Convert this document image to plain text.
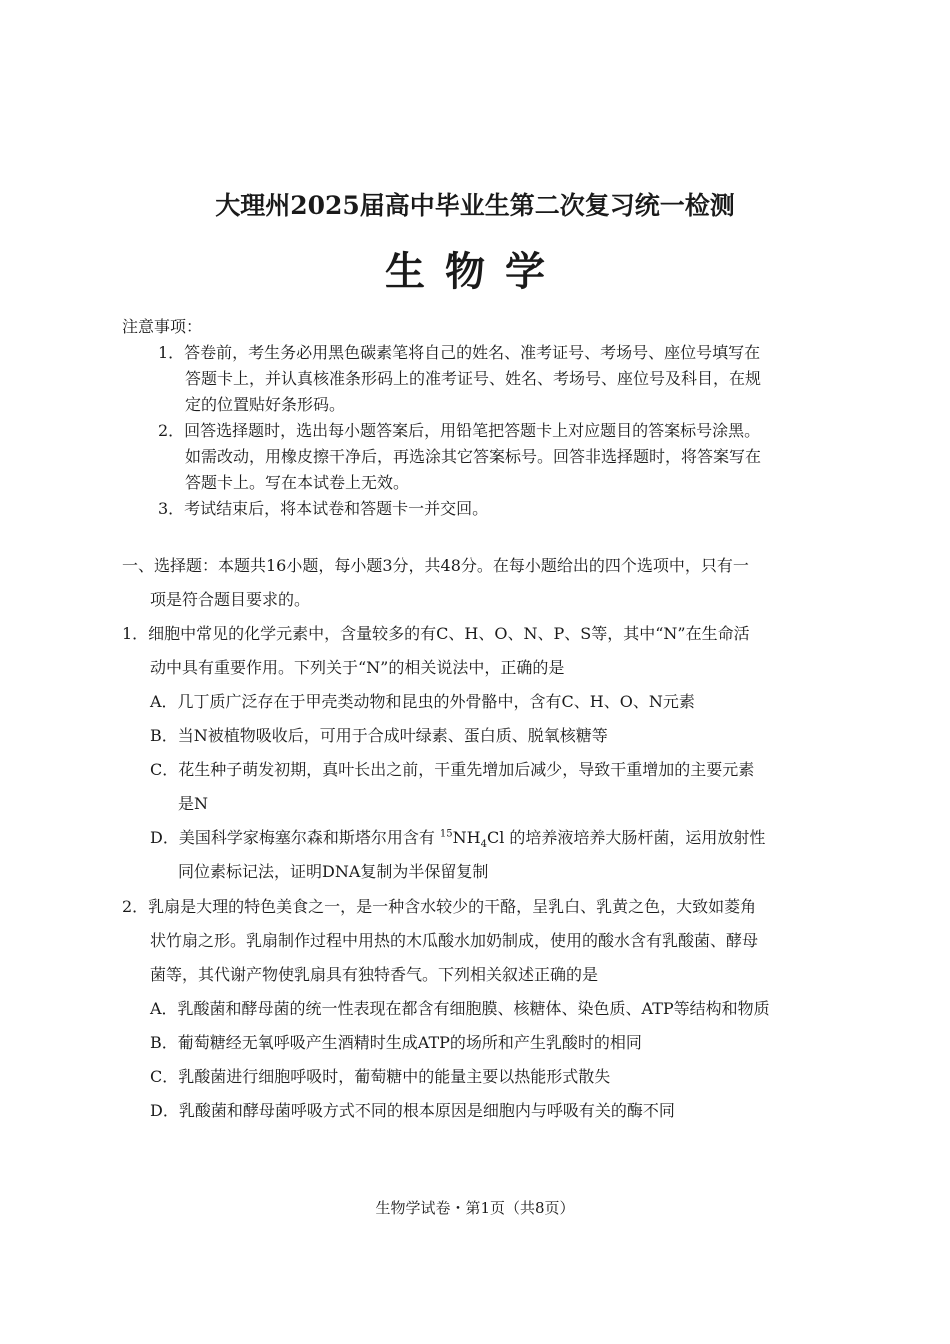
大理州2025届高中毕业生第二次复习统一检测
生物学
注意事项：
1．答卷前，考生务必用黑色碳素笔将自己的姓名、准考证号、考场号、座位号填写在
答题卡上，并认真核准条形码上的准考证号、姓名、考场号、座位号及科目，在规
定的位置贴好条形码。
2．回答选择题时，选出每小题答案后，用铅笔把答题卡上对应题目的答案标号涂黑。
如需改动，用橡皮擦干净后，再选涂其它答案标号。回答非选择题时，将答案写在
答题卡上。写在本试卷上无效。
3．考试结束后，将本试卷和答题卡一并交回。
一、选择题：本题共16小题，每小题3分，共48分。在每小题给出的四个选项中，只有一
项是符合题目要求的。
1．细胞中常见的化学元素中，含量较多的有C、H、O、N、P、S等，其中“N”在生命活
动中具有重要作用。下列关于“N”的相关说法中，正确的是
A．几丁质广泛存在于甲壳类动物和昆虫的外骨骼中，含有C、H、O、N元素
B．当N被植物吸收后，可用于合成叶绿素、蛋白质、脱氧核糖等
C．花生种子萌发初期，真叶长出之前，干重先增加后减少，导致干重增加的主要元素
是N
D．美国科学家梅塞尔森和斯塔尔用含有 $^{15}NH_4Cl$ 的培养液培养大肠杆菌，运用放射性
同位素标记法，证明DNA复制为半保留复制
2．乳扇是大理的特色美食之一，是一种含水较少的干酪，呈乳白、乳黄之色，大致如菱角
状竹扇之形。乳扇制作过程中用热的木瓜酸水加奶制成，使用的酸水含有乳酸菌、酵母
菌等，其代谢产物使乳扇具有独特香气。下列相关叙述正确的是
A．乳酸菌和酵母菌的统一性表现在都含有细胞膜、核糖体、染色质、ATP等结构和物质
B．葡萄糖经无氧呼吸产生酒精时生成ATP的场所和产生乳酸时的相同
C．乳酸菌进行细胞呼吸时，葡萄糖中的能量主要以热能形式散失
D．乳酸菌和酵母菌呼吸方式不同的根本原因是细胞内与呼吸有关的酶不同
生物学试卷・第1页（共8页）
